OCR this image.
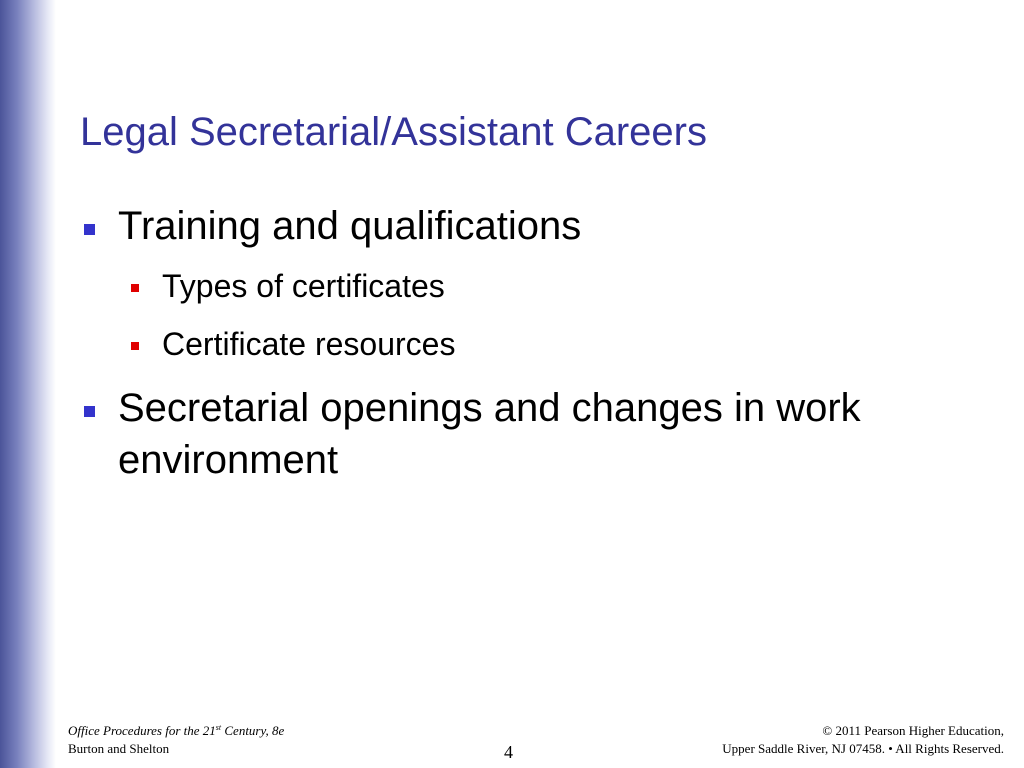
Legal Secretarial/Assistant Careers
Training and qualifications
Types of certificates
Certificate resources
Secretarial openings and changes in work
environment
Office Procedures for the 21st Century, 8e
Burton and Shelton	4
© 2011 Pearson Higher Education,
Upper Saddle River, NJ 07458. • All Rights Reserved.
